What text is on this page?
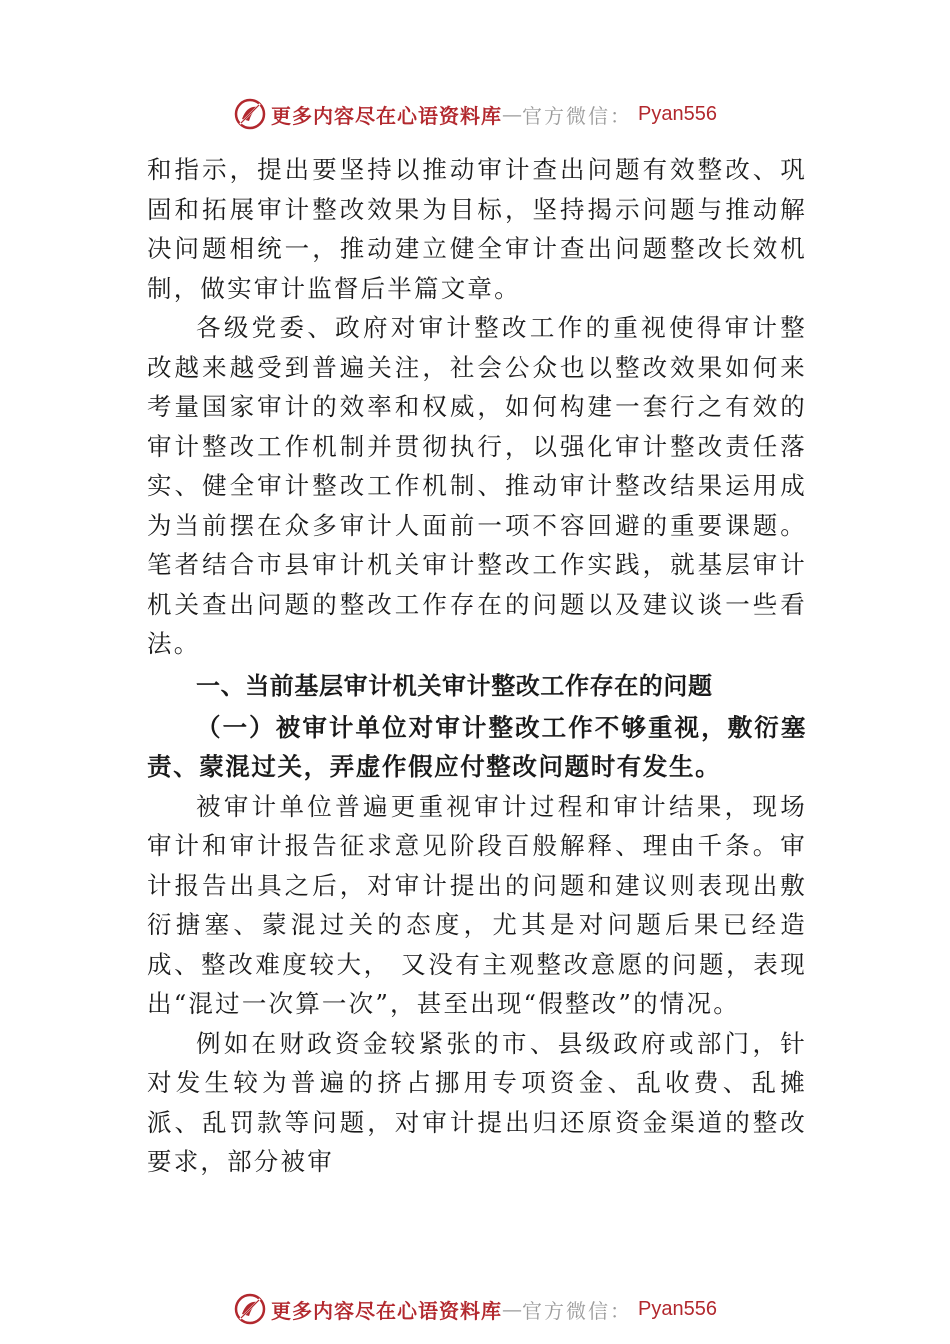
更多内容尽在心语资料库 — 官方微信： Pyan556

和指示，提出要坚持以推动审计查出问题有效整改、巩固和拓展审计整改效果为目标，坚持揭示问题与推动解决问题相统一，推动建立健全审计查出问题整改长效机制，做实审计监督后半篇文章。

各级党委、政府对审计整改工作的重视使得审计整改越来越受到普遍关注，社会公众也以整改效果如何来考量国家审计的效率和权威，如何构建一套行之有效的审计整改工作机制并贯彻执行，以强化审计整改责任落实、健全审计整改工作机制、推动审计整改结果运用成为当前摆在众多审计人面前一项不容回避的重要课题。笔者结合市县审计机关审计整改工作实践，就基层审计机关查出问题的整改工作存在的问题以及建议谈一些看法。

一、当前基层审计机关审计整改工作存在的问题
（一）被审计单位对审计整改工作不够重视，敷衍塞责、蒙混过关，弄虚作假应付整改问题时有发生。

被审计单位普遍更重视审计过程和审计结果，现场审计和审计报告征求意见阶段百般解释、理由千条。审计报告出具之后，对审计提出的问题和建议则表现出敷衍搪塞、蒙混过关的态度，尤其是对问题后果已经造成、整改难度较大， 又没有主观整改意愿的问题，表现出“混过一次算一次”，甚至出现“假整改”的情况。

例如在财政资金较紧张的市、县级政府或部门，针对发生较为普遍的挤占挪用专项资金、乱收费、乱摊派、乱罚款等问题，对审计提出归还原资金渠道的整改要求，部分被审

更多内容尽在心语资料库 — 官方微信： Pyan556
